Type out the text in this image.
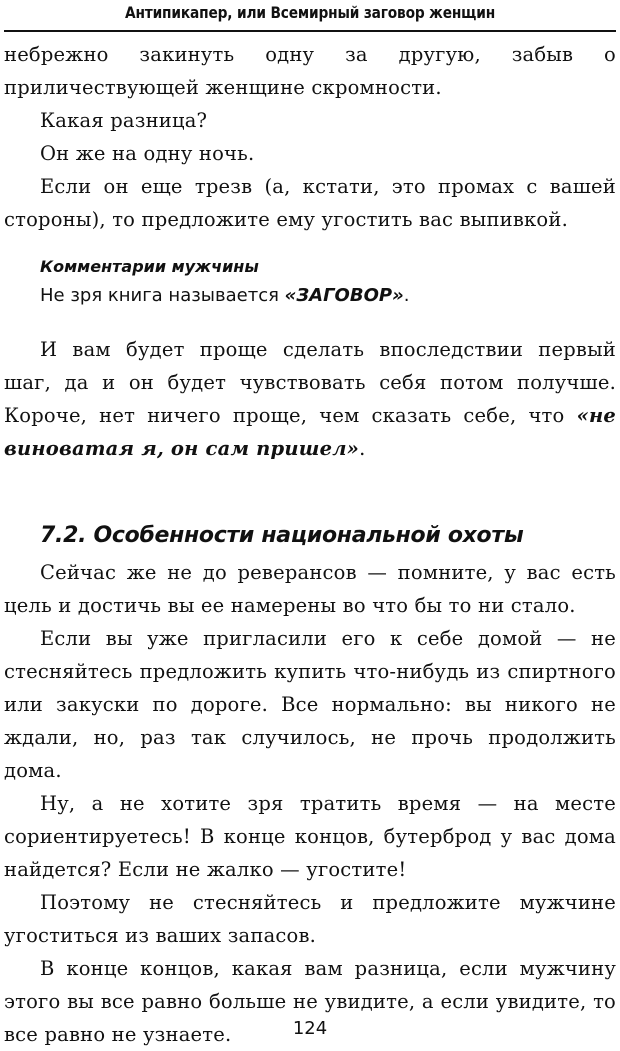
Антипикапер, или Всемирный заговор женщин

небрежно закинуть одну за другую, забыв о приличествующей женщине скромности.

Какая разница?

Он же на одну ночь.

Если он еще трезв (а, кстати, это промах с вашей стороны), то предложите ему угостить вас выпивкой.

Комментарии мужчины
Не зря книга называется «ЗАГОВОР».

И вам будет проще сделать впоследствии первый шаг, да и он будет чувствовать себя потом получше. Короче, нет ничего проще, чем сказать себе, что «не виноватая я, он сам пришел».

7.2. Особенности национальной охоты

Сейчас же не до реверансов — помните, у вас есть цель и достичь вы ее намерены во что бы то ни стало.

Если вы уже пригласили его к себе домой — не стесняйтесь предложить купить что-нибудь из спиртного или закуски по дороге. Все нормально: вы никого не ждали, но, раз так случилось, не прочь продолжить дома.

Ну, а не хотите зря тратить время — на месте сориентируетесь! В конце концов, бутерброд у вас дома найдется? Если не жалко — угостите!

Поэтому не стесняйтесь и предложите мужчине угоститься из ваших запасов.

В конце концов, какая вам разница, если мужчину этого вы все равно больше не увидите, а если увидите, то все равно не узнаете.	124
